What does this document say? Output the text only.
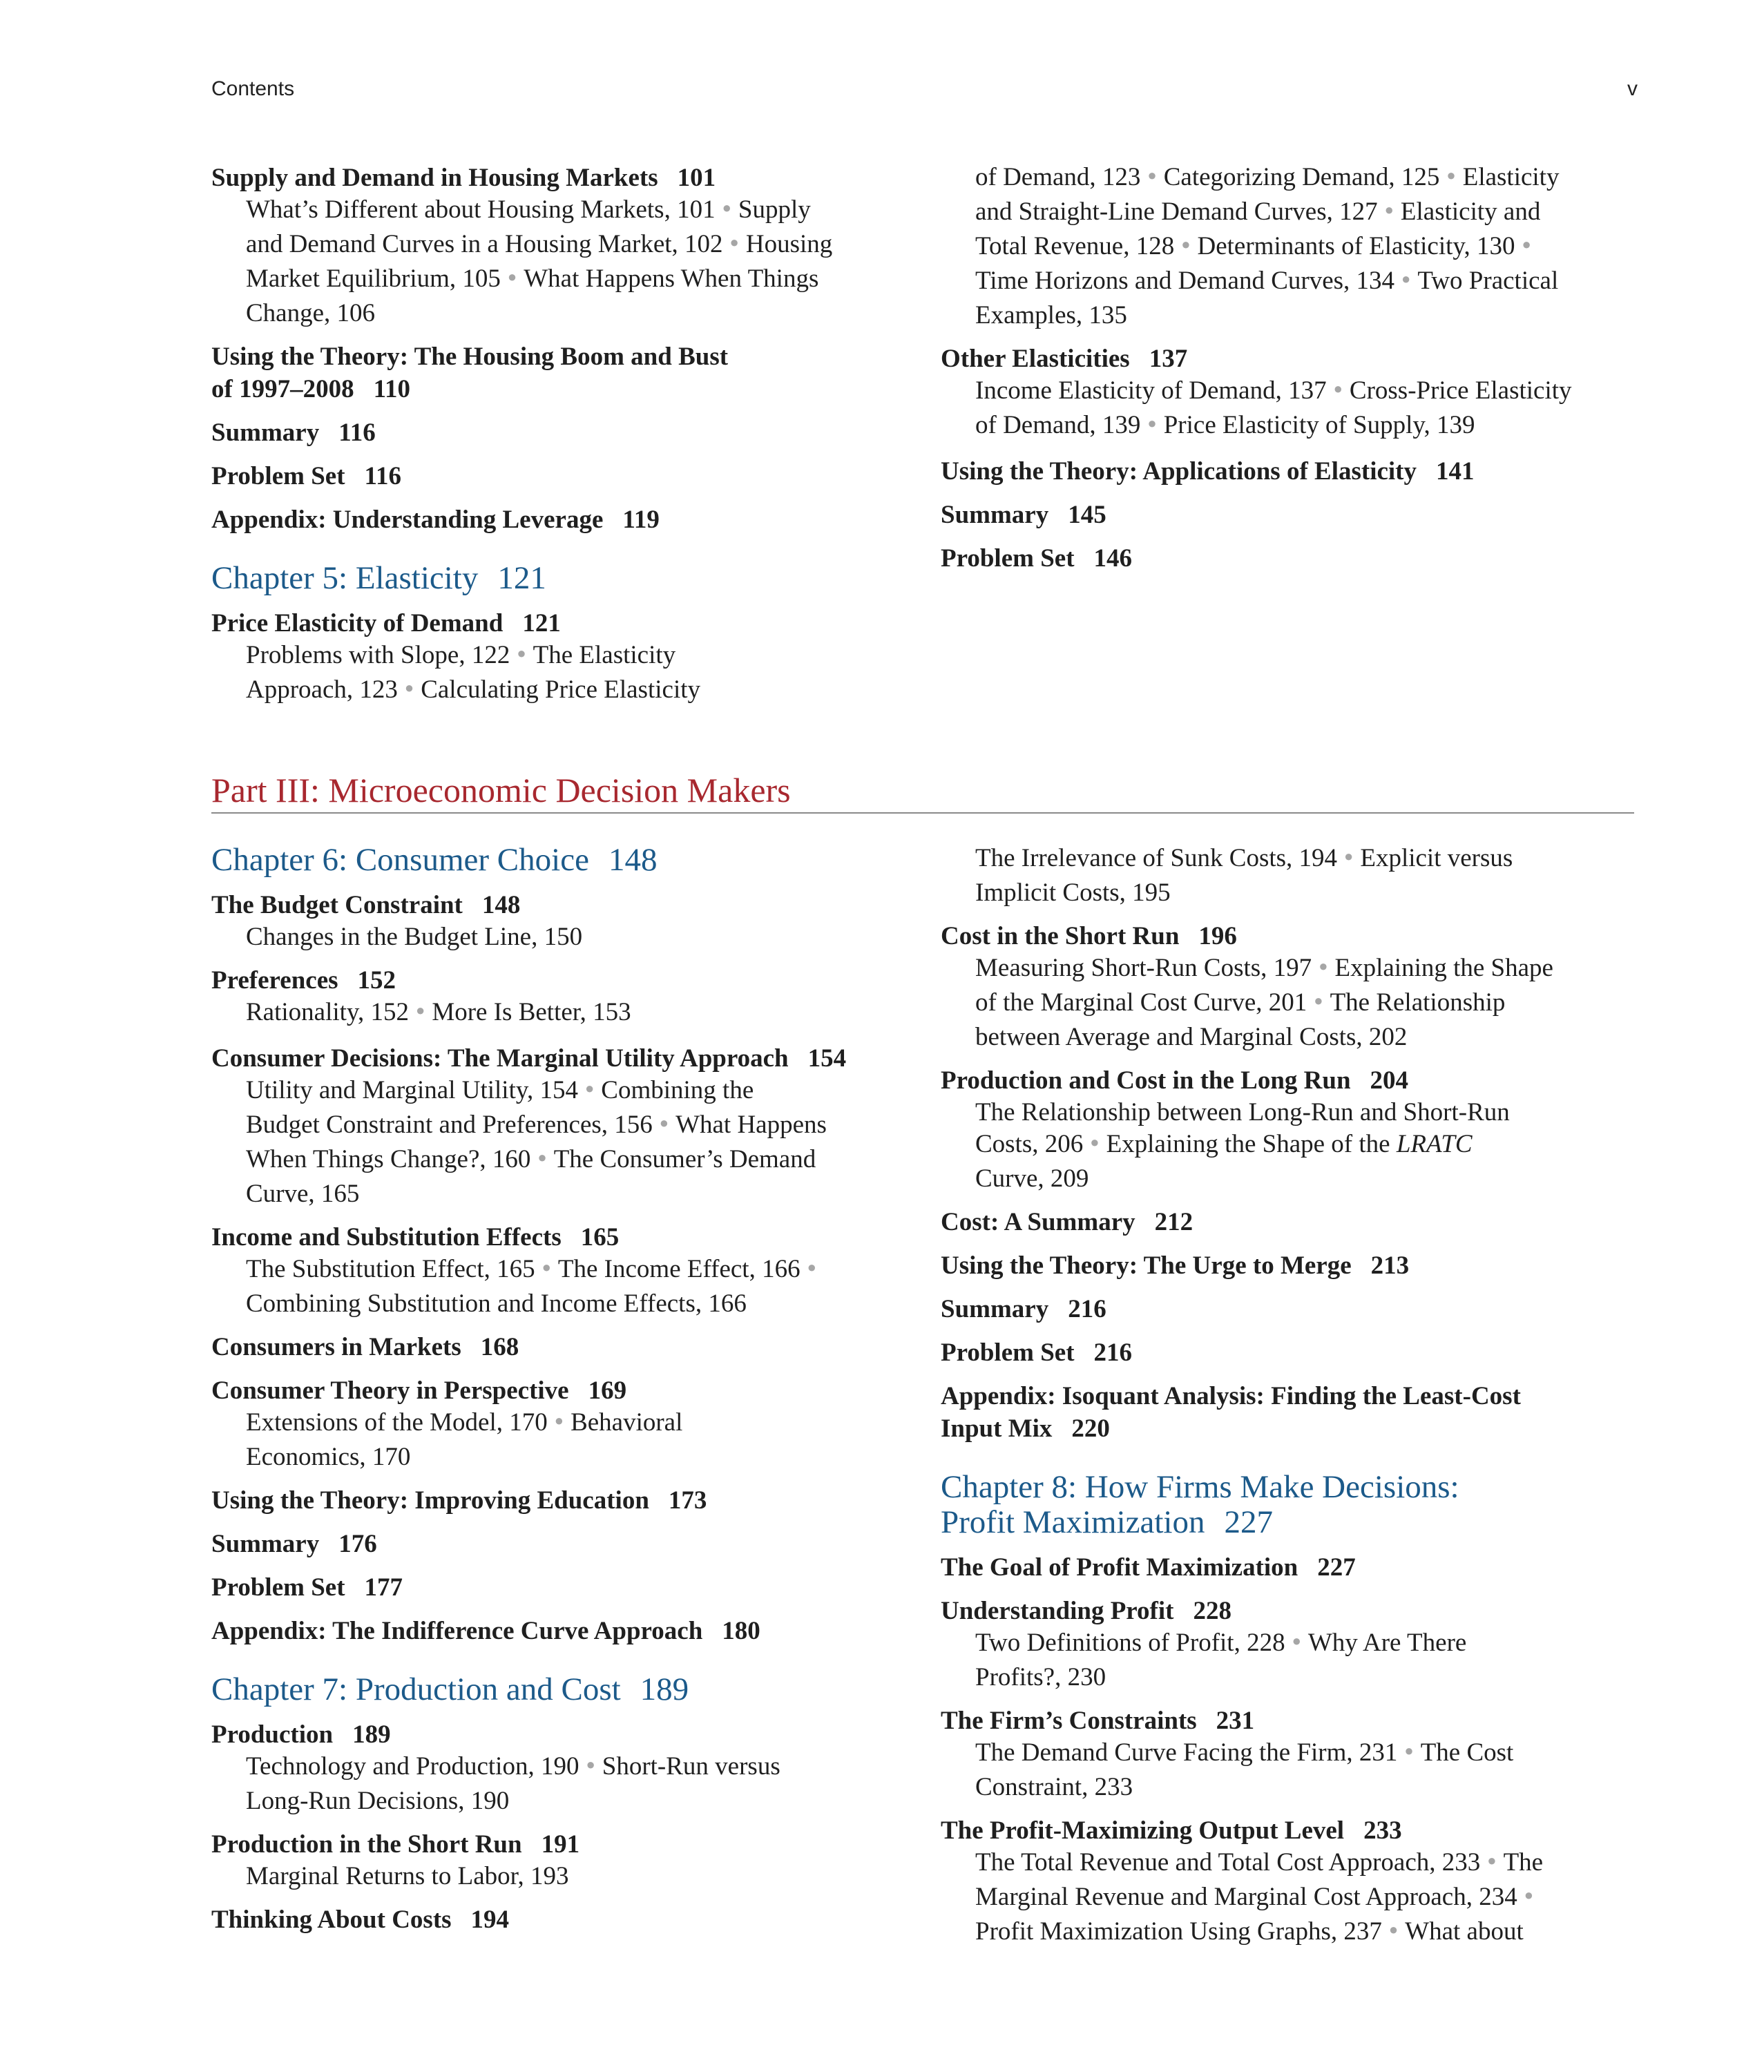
Contents	v
Supply and Demand in Housing Markets 101
What’s Different about Housing Markets, 101 ● Supply
and Demand Curves in a Housing Market, 102 ● Housing
Market Equilibrium, 105 ● What Happens When Things
Change, 106
Using the Theory: The Housing Boom and Bust
of 1997–2008 110
Summary 116
Problem Set 116
Appendix: Understanding Leverage 119
Chapter 5: Elasticity 121
Price Elasticity of Demand 121
Problems with Slope, 122 ● The Elasticity
Approach, 123 ● Calculating Price Elasticity
of Demand, 123 ● Categorizing Demand, 125 ● Elasticity
and Straight-Line Demand Curves, 127 ● Elasticity and
Total Revenue, 128 ● Determinants of Elasticity, 130 ●
Time Horizons and Demand Curves, 134 ● Two Practical
Examples, 135
Other Elasticities 137
Income Elasticity of Demand, 137 ● Cross-Price Elasticity
of Demand, 139 ● Price Elasticity of Supply, 139
Using the Theory: Applications of Elasticity 141
Summary 145
Problem Set 146
Part III: Microeconomic Decision Makers
Chapter 6: Consumer Choice 148
The Budget Constraint 148
Changes in the Budget Line, 150
Preferences 152
Rationality, 152 ● More Is Better, 153
Consumer Decisions: The Marginal Utility Approach 154
Utility and Marginal Utility, 154 ● Combining the
Budget Constraint and Preferences, 156 ● What Happens
When Things Change?, 160 ● The Consumer’s Demand
Curve, 165
Income and Substitution Effects 165
The Substitution Effect, 165 ● The Income Effect, 166 ●
Combining Substitution and Income Effects, 166
Consumers in Markets 168
Consumer Theory in Perspective 169
Extensions of the Model, 170 ● Behavioral
Economics, 170
Using the Theory: Improving Education 173
Summary 176
Problem Set 177
Appendix: The Indifference Curve Approach 180
Chapter 7: Production and Cost 189
Production 189
Technology and Production, 190 ● Short-Run versus
Long-Run Decisions, 190
Production in the Short Run 191
Marginal Returns to Labor, 193
Thinking About Costs 194
The Irrelevance of Sunk Costs, 194 ● Explicit versus
Implicit Costs, 195
Cost in the Short Run 196
Measuring Short-Run Costs, 197 ● Explaining the Shape
of the Marginal Cost Curve, 201 ● The Relationship
between Average and Marginal Costs, 202
Production and Cost in the Long Run 204
The Relationship between Long-Run and Short-Run
Costs, 206 ● Explaining the Shape of the LRATC
Curve, 209
Cost: A Summary 212
Using the Theory: The Urge to Merge 213
Summary 216
Problem Set 216
Appendix: Isoquant Analysis: Finding the Least-Cost
Input Mix 220
Chapter 8: How Firms Make Decisions:
Profit Maximization 227
The Goal of Profit Maximization 227
Understanding Profit 228
Two Definitions of Profit, 228 ● Why Are There
Profits?, 230
The Firm’s Constraints 231
The Demand Curve Facing the Firm, 231 ● The Cost
Constraint, 233
The Profit-Maximizing Output Level 233
The Total Revenue and Total Cost Approach, 233 ● The
Marginal Revenue and Marginal Cost Approach, 234 ●
Profit Maximization Using Graphs, 237 ● What about
